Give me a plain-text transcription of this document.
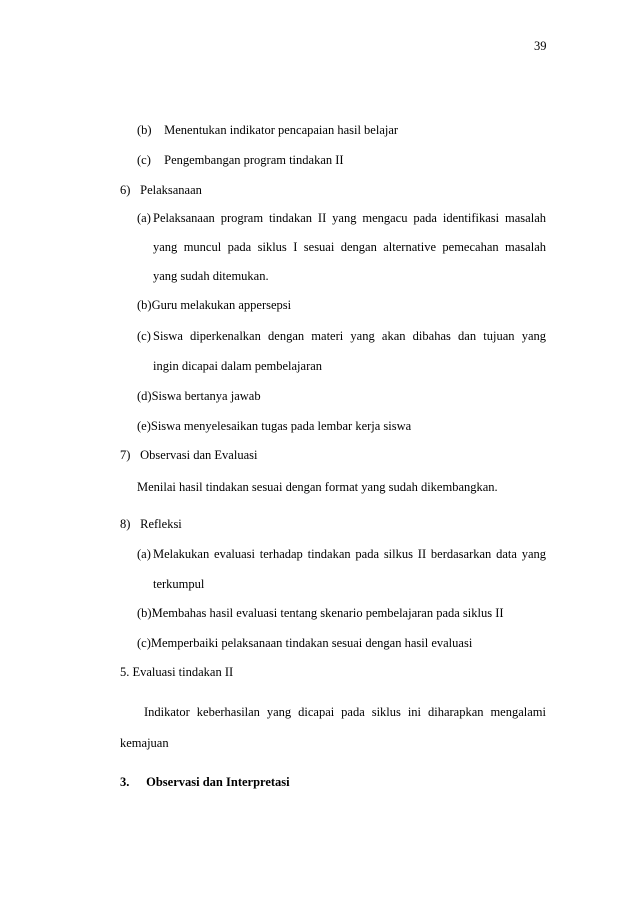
39
(b) Menentukan indikator pencapaian hasil belajar
(c) Pengembangan program tindakan II
6) Pelaksanaan
(a) Pelaksanaan program tindakan II yang mengacu pada identifikasi masalah
yang muncul pada siklus I sesuai dengan alternative pemecahan masalah
yang sudah ditemukan.
(b)Guru melakukan appersepsi
(c) Siswa diperkenalkan dengan materi yang akan dibahas dan tujuan yang
ingin dicapai dalam pembelajaran
(d)Siswa bertanya jawab
(e)Siswa menyelesaikan tugas pada lembar kerja siswa
7) Observasi dan Evaluasi
Menilai hasil tindakan sesuai dengan format yang sudah dikembangkan.
8) Refleksi
(a) Melakukan evaluasi terhadap tindakan pada silkus II berdasarkan data yang
terkumpul
(b)Membahas hasil evaluasi tentang skenario pembelajaran pada siklus II
(c)Memperbaiki pelaksanaan tindakan sesuai dengan hasil evaluasi
5. Evaluasi tindakan II
Indikator keberhasilan yang dicapai pada siklus ini diharapkan mengalami
kemajuan
3. Observasi dan Interpretasi
